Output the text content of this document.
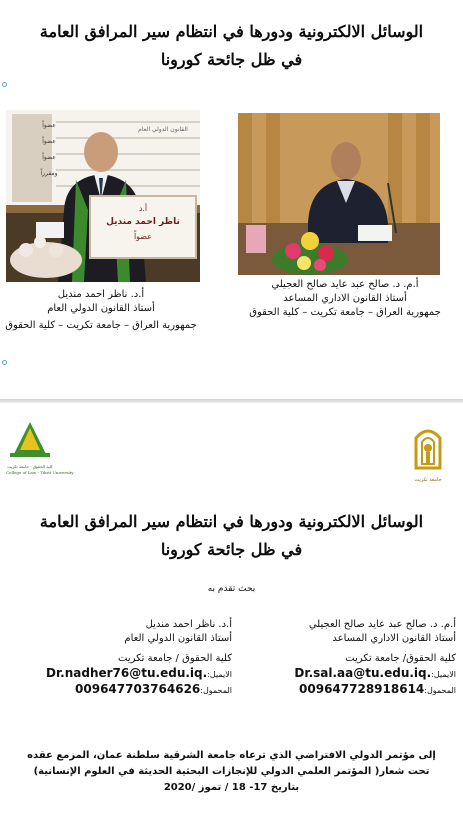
الوسائل الالكترونية ودورها في انتظام سير المرافق العامة
في ظل جائحة كورونا
عضواً
عضواً
عضواً ومقرراً
القانون الدولي العام
أ.د
ناظر احمد منديل
عضواً
أ.د. ناظر احمد منديل
أستاذ القانون الدولي العام
جمهورية العراق – جامعة تكريت – كلية الحقوق
أ.م. د. صالح عبد عايد صالح العجيلي
أستاذ القانون الاداري المساعد
جمهورية العراق – جامعة تكريت – كلية الحقوق
كلية الحقوق - جامعة تكريت
College of Law - Tikrit University
جامعة تكريت
الوسائل الالكترونية ودورها في انتظام سير المرافق العامة
في ظل جائحة كورونا
بحث تقدم به
أ.م. د. صالح عبد عايد صالح العجيلي
أستاذ القانون الاداري المساعد
كلية الحقوق/ جامعة تكريت
الايميل:Dr.sal.aa@tu.edu.iq.
المحمول:009647728918614
أ.د. ناظر احمد منديل
أستاذ القانون الدولي العام
كلية الحقوق / جامعة تكريت
الايميل:Dr.nadher76@tu.edu.iq.
المحمول:009647703764626
إلى مؤتمر الدولي الافتراضي الذي ترعاه جامعة الشرقية سلطنة عمان، المزمع عقده
تحت شعار( المؤتمر العلمي الدولي للإنجازات البحثية الحديثة في العلوم الإنسانية)
بتاريخ 17- 18 / تموز /2020
